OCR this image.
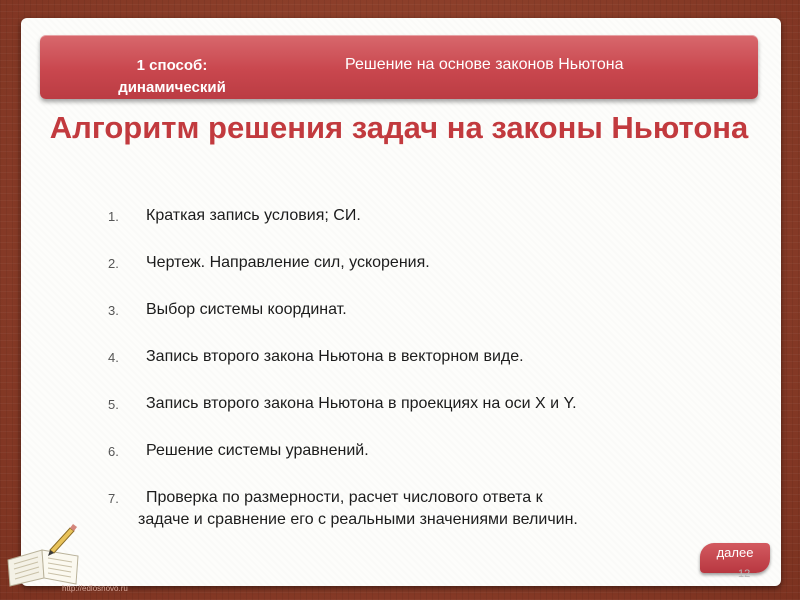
1 способ: динамический
Решение на основе законов Ньютона
Алгоритм решения задач на законы Ньютона
1.	Краткая запись условия; СИ.
2.	Чертеж. Направление сил, ускорения.
3.	Выбор системы координат.
4.	Запись второго закона Ньютона в векторном виде.
5.	Запись второго закона Ньютона в проекциях на оси X и Y.
6.	Решение системы уравнений.
7.	Проверка по размерности, расчет числового ответа к
задаче и сравнение его с реальными значениями величин.
далее
12
http://edlosnovo.ru
